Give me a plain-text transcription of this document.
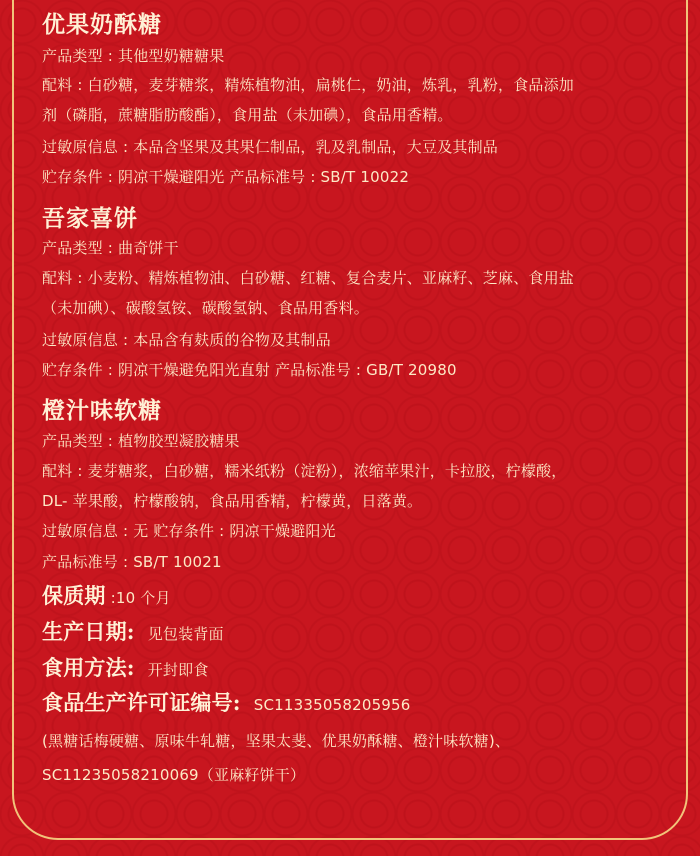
优果奶酥糖
产品类型 : 其他型奶糖糖果
配料 : 白砂糖，麦芽糖浆，精炼植物油，扁桃仁，奶油，炼乳，乳粉，食品添加
剂（磷脂，蔗糖脂肪酸酯），食用盐（未加碘），食品用香精。
过敏原信息 : 本品含坚果及其果仁制品，乳及乳制品，大豆及其制品
贮存条件 : 阴凉干燥避阳光 产品标准号 : SB/T 10022
吾家喜饼
产品类型 : 曲奇饼干
配料 : 小麦粉、精炼植物油、白砂糖、红糖、复合麦片、亚麻籽、芝麻、食用盐
（未加碘）、碳酸氢铵、碳酸氢钠、食品用香料。
过敏原信息 : 本品含有麸质的谷物及其制品
贮存条件 : 阴凉干燥避免阳光直射 产品标准号 : GB/T 20980
橙汁味软糖
产品类型 : 植物胶型凝胶糖果
配料 : 麦芽糖浆，白砂糖，糯米纸粉（淀粉），浓缩苹果汁，卡拉胶，柠檬酸，
DL- 苹果酸，柠檬酸钠，食品用香精，柠檬黄，日落黄。
过敏原信息 : 无 贮存条件 : 阴凉干燥避阳光
产品标准号 : SB/T 10021
保质期 :10 个月
生产日期: 见包装背面
食用方法: 开封即食
食品生产许可证编号: SC11335058205956
(黑糖话梅硬糖、原味牛轧糖，坚果太斐、优果奶酥糖、橙汁味软糖)、
SC11235058210069（亚麻籽饼干）
